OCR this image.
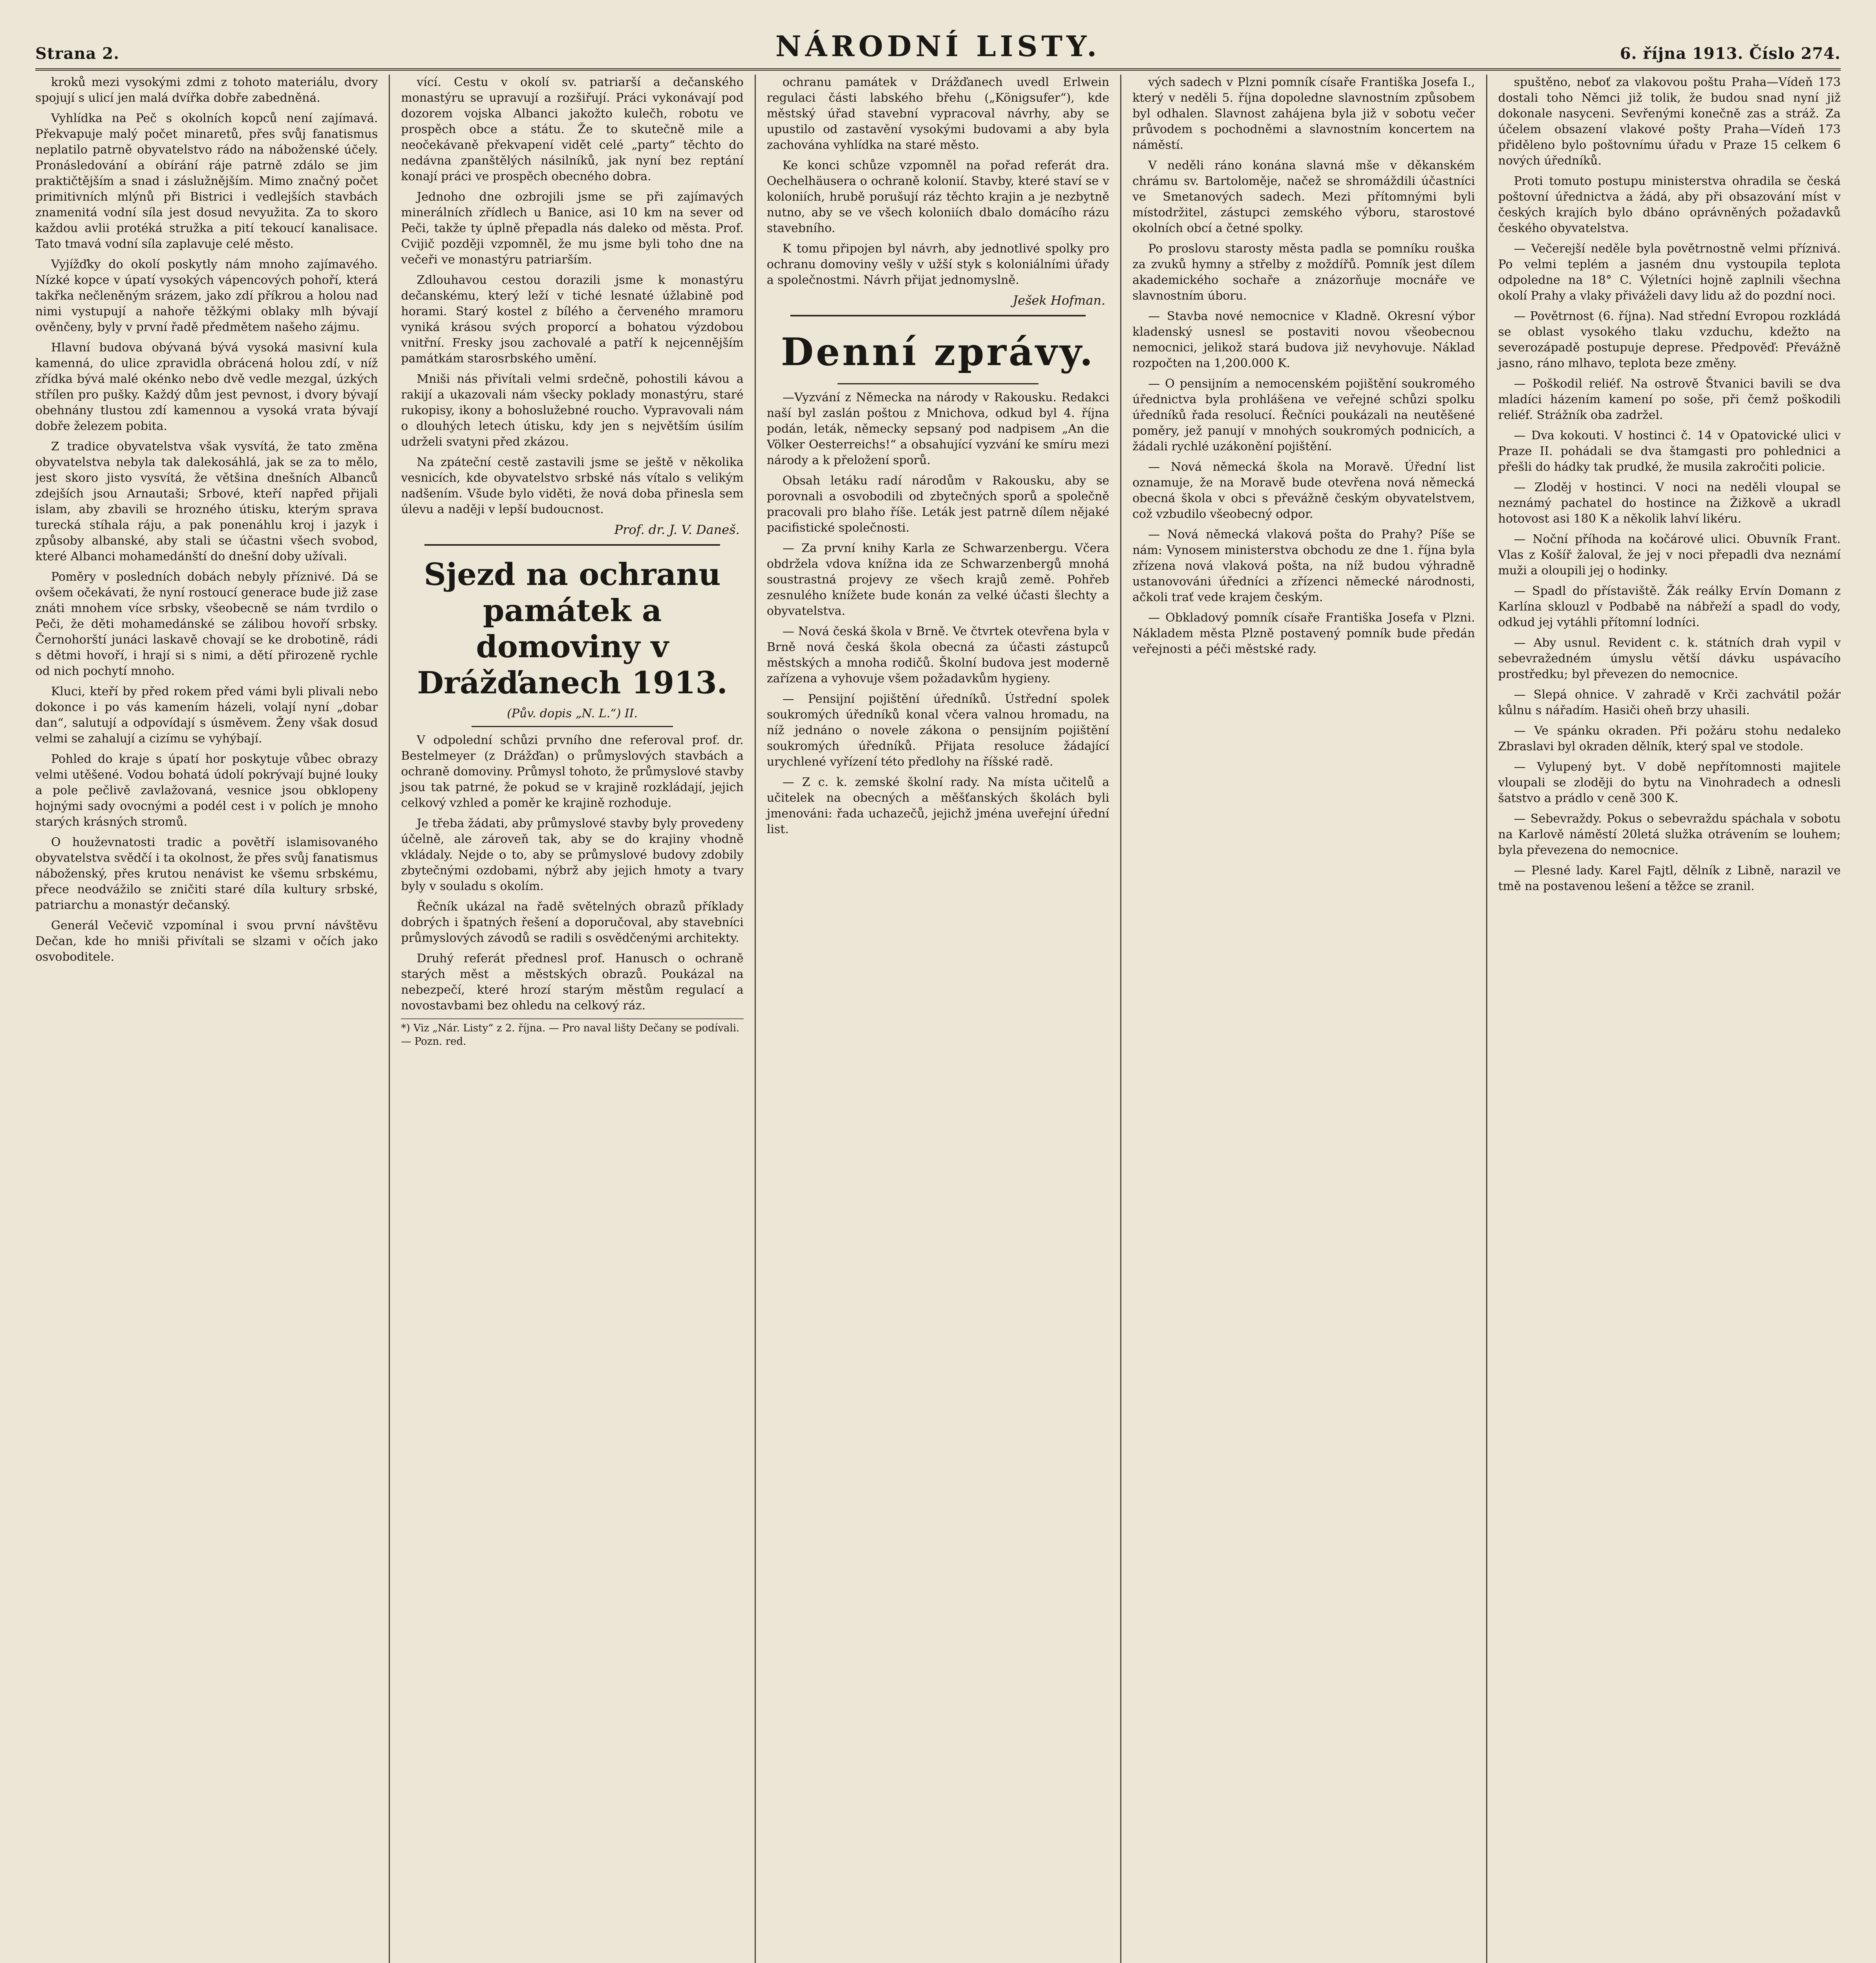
Strana 2.	NÁRODNÍ LISTY.	6. října 1913. Číslo 274.

kroků mezi vysokými zdmi z tohoto materiálu, dvory spojují s ulicí jen malá dvířka dobře zabedněná.

Vyhlídka na Peč s okolních kopců není zajímavá. Překvapuje malý počet minaretů, přes svůj fanatismus neplatilo patrně obyvatelstvo rádo na náboženské účely. Pronásledování a obírání ráje patrně zdálo se jim praktičtějším a snad i záslužnějším. Mimo značný počet primitivních mlýnů při Bistrici i vedlejších stavbách znamenitá vodní síla jest dosud nevyužita. Za to skoro každou avlii protéká stružka a pití tekoucí kanalisace. Tato tmavá vodní síla zaplavuje celé město.

Vyjížďky do okolí poskytly nám mnoho zajímavého. Nízké kopce v úpatí vysokých vápencových pohoří, která takřka nečleněným srázem, jako zdí příkrou a holou nad nimi vystupují a nahoře těžkými oblaky mlh bývají ověnčeny, byly v první řadě předmětem našeho zájmu.

Hlavní budova obývaná bývá vysoká masivní kula kamenná, do ulice zpravidla obrácená holou zdí, v níž zřídka bývá malé okénko nebo dvě vedle mezgal, úzkých střílen pro pušky. Každý dům jest pevnost, i dvory bývají obehnány tlustou zdí kamennou a vysoká vrata bývají dobře železem pobita.

Z tradice obyvatelstva však vysvítá, že tato změna obyvatelstva nebyla tak dalekosáhlá, jak se za to mělo, jest skoro jisto vysvítá, že většina dnešních Albanců zdejších jsou Arnautaši; Srbové, kteří napřed přijali islam, aby zbavili se hrozného útisku, kterým sprava turecká stíhala ráju, a pak ponenáhlu kroj i jazyk i způsoby albanské, aby stali se účastni všech svobod, které Albanci mohamedánští do dnešní doby užívali.

Poměry v posledních dobách nebyly příznivé. Dá se ovšem očekávati, že nyní rostoucí generace bude již zase znáti mnohem více srbsky, všeobecně se nám tvrdilo o Peči, že děti mohamedánské se zálibou hovoří srbsky. Černohorští junáci laskavě chovají se ke drobotině, rádi s dětmi hovoří, i hrají si s nimi, a dětí přirozeně rychle od nich pochytí mnoho.

Kluci, kteří by před rokem před vámi byli plivali nebo dokonce i po vás kamením házeli, volají nyní „dobar dan“, salutují a odpovídají s úsměvem. Ženy však dosud velmi se zahalují a cizímu se vyhýbají.

Pohled do kraje s úpatí hor poskytuje vůbec obrazy velmi utěšené. Vodou bohatá údolí pokrývají bujné louky a pole pečlivě zavlažovaná, vesnice jsou obklopeny hojnými sady ovocnými a podél cest i v polích je mnoho starých krásných stromů.

O houževnatosti tradic a povětří islamisovaného obyvatelstva svědčí i ta okolnost, že přes svůj fanatismus náboženský, přes krutou nenávist ke všemu srbskému, přece neodvážilo se zničiti staré díla kultury srbské, patriarchu a monastýr dečanský.

Generál Večevič vzpomínal i svou první návštěvu Dečan, kde ho mniši přivítali se slzami v očích jako osvoboditele.

vící. Cestu v okolí sv. patriarší a dečanského monastýru se upravují a rozšiřují. Práci vykonávají pod dozorem vojska Albanci jakožto kulečh, robotu ve prospěch obce a státu. Že to skutečně mile a neočekávaně překvapení vidět celé „party“ těchto do nedávna zpanštělých násilníků, jak nyní bez reptání konají práci ve prospěch obecného dobra.

Jednoho dne ozbrojili jsme se při zajímavých minerálních zřídlech u Banice, asi 10 km na sever od Peči, takže ty úplně přepadla nás daleko od města. Prof. Cvijič později vzpomněl, že mu jsme byli toho dne na večeři ve monastýru patriarším.

Zdlouhavou cestou dorazili jsme k monastýru dečanskému, který leží v tiché lesnaté úžlabině pod horami. Starý kostel z bílého a červeného mramoru vyniká krásou svých proporcí a bohatou výzdobou vnitřní. Fresky jsou zachovalé a patří k nejcennějším památkám starosrbského umění.

Mniši nás přivítali velmi srdečně, pohostili kávou a rakijí a ukazovali nám všecky poklady monastýru, staré rukopisy, ikony a bohoslužebné roucho. Vypravovali nám o dlouhých letech útisku, kdy jen s největším úsilím udrželi svatyni před zkázou.

Na zpáteční cestě zastavili jsme se ještě v několika vesnicích, kde obyvatelstvo srbské nás vítalo s velikým nadšením. Všude bylo viděti, že nová doba přinesla sem úlevu a naději v lepší budoucnost.

Prof. dr. J. V. Daneš.
Sjezd na ochranu památek a domoviny v Drážďanech 1913.
(Pův. dopis „N. L.“) II.

V odpolední schůzi prvního dne referoval prof. dr. Bestelmeyer (z Drážďan) o průmyslových stavbách a ochraně domoviny. Průmysl tohoto, že průmyslové stavby jsou tak patrné, že pokud se v krajině rozkládají, jejich celkový vzhled a poměr ke krajině rozhoduje.

Je třeba žádati, aby průmyslové stavby byly provedeny účelně, ale zároveň tak, aby se do krajiny vhodně vkládaly. Nejde o to, aby se průmyslové budovy zdobily zbytečnými ozdobami, nýbrž aby jejich hmoty a tvary byly v souladu s okolím.

Řečník ukázal na řadě světelných obrazů příklady dobrých i špatných řešení a doporučoval, aby stavebníci průmyslových závodů se radili s osvědčenými architekty.

Druhý referát přednesl prof. Hanusch o ochraně starých měst a městských obrazů. Poukázal na nebezpečí, které hrozí starým městům regulací a novostavbami bez ohledu na celkový ráz.

*) Viz „Nár. Listy“ z 2. října. — Pro naval lišty Dečany se podívali. — Pozn. red.

ochranu památek v Drážďanech uvedl Erlwein regulaci části labského břehu („Königsufer“), kde městský úřad stavební vypracoval návrhy, aby se upustilo od zastavění vysokými budovami a aby byla zachována vyhlídka na staré město.

Ke konci schůze vzpomněl na pořad referát dra. Oechelhäusera o ochraně kolonií. Stavby, které staví se v koloniích, hrubě porušují ráz těchto krajin a je nezbytně nutno, aby se ve všech koloniích dbalo domácího rázu stavebního.

K tomu připojen byl návrh, aby jednotlivé spolky pro ochranu domoviny vešly v užší styk s koloniálními úřady a společnostmi. Návrh přijat jednomyslně.

Ješek Hofman.
Denní zprávy.

—Vyzvání z Německa na národy v Rakousku. Redakci naší byl zaslán poštou z Mnichova, odkud byl 4. října podán, leták, německy sepsaný pod nadpisem „An die Völker Oesterreichs!“ a obsahující vyzvání ke smíru mezi národy a k přeložení sporů.

Obsah letáku radí národům v Rakousku, aby se porovnali a osvobodili od zbytečných sporů a společně pracovali pro blaho říše. Leták jest patrně dílem nějaké pacifistické společnosti.

— Za první knihy Karla ze Schwarzenbergu. Včera obdržela vdova knížna ida ze Schwarzenbergů mnohá soustrastná projevy ze všech krajů země. Pohřeb zesnulého knížete bude konán za velké účasti šlechty a obyvatelstva.

— Nová česká škola v Brně. Ve čtvrtek otevřena byla v Brně nová česká škola obecná za účasti zástupců městských a mnoha rodičů. Školní budova jest moderně zařízena a vyhovuje všem požadavkům hygieny.

— Pensijní pojištění úředníků. Ústřední spolek soukromých úředníků konal včera valnou hromadu, na níž jednáno o novele zákona o pensijním pojištění soukromých úředníků. Přijata resoluce žádající urychlené vyřízení této předlohy na říšské radě.

— Z c. k. zemské školní rady. Na místa učitelů a učitelek na obecných a měšťanských školách byli jmenováni: řada uchazečů, jejichž jména uveřejní úřední list.

vých sadech v Plzni pomník císaře Františka Josefa I., který v neděli 5. října dopoledne slavnostním způsobem byl odhalen. Slavnost zahájena byla již v sobotu večer průvodem s pochodněmi a slavnostním koncertem na náměstí.

V neděli ráno konána slavná mše v děkanském chrámu sv. Bartoloměje, načež se shromáždili účastníci ve Smetanových sadech. Mezi přítomnými byli místodržitel, zástupci zemského výboru, starostové okolních obcí a četné spolky.

Po proslovu starosty města padla se pomníku rouška za zvuků hymny a střelby z moždířů. Pomník jest dílem akademického sochaře a znázorňuje mocnáře ve slavnostním úboru.

— Stavba nové nemocnice v Kladně. Okresní výbor kladenský usnesl se postaviti novou všeobecnou nemocnici, jelikož stará budova již nevyhovuje. Náklad rozpočten na 1,200.000 K.

— O pensijním a nemocenském pojištění soukromého úřednictva byla prohlášena ve veřejné schůzi spolku úředníků řada resolucí. Řečníci poukázali na neutěšené poměry, jež panují v mnohých soukromých podnicích, a žádali rychlé uzákonění pojištění.

— Nová německá škola na Moravě. Úřední list oznamuje, že na Moravě bude otevřena nová německá obecná škola v obci s převážně českým obyvatelstvem, což vzbudilo všeobecný odpor.

— Nová německá vlaková pošta do Prahy? Píše se nám: Vynosem ministerstva obchodu ze dne 1. října byla zřízena nová vlaková pošta, na níž budou výhradně ustanovováni úředníci a zřízenci německé národnosti, ačkoli trať vede krajem českým.

— Obkladový pomník císaře Františka Josefa v Plzni. Nákladem města Plzně postavený pomník bude předán veřejnosti a péči městské rady.

spuštěno, neboť za vlakovou poštu Praha—Vídeň 173 dostali toho Němci již tolik, že budou snad nyní již dokonale nasyceni. Sevřenými konečně zas a stráž. Za účelem obsazení vlakové pošty Praha—Vídeň 173 přiděleno bylo poštovnímu úřadu v Praze 15 celkem 6 nových úředníků.

Proti tomuto postupu ministerstva ohradila se česká poštovní úřednictva a žádá, aby při obsazování míst v českých krajích bylo dbáno oprávněných požadavků českého obyvatelstva.

— Večerejší neděle byla povětrnostně velmi příznivá. Po velmi teplém a jasném dnu vystoupila teplota odpoledne na 18° C. Výletníci hojně zaplnili všechna okolí Prahy a vlaky přiváželi davy lidu až do pozdní noci.

— Povětrnost (6. října). Nad střední Evropou rozkládá se oblast vysokého tlaku vzduchu, kdežto na severozápadě postupuje deprese. Předpověď: Převážně jasno, ráno mlhavo, teplota beze změny.

— Poškodil reliéf. Na ostrově Štvanici bavili se dva mladíci házením kamení po soše, při čemž poškodili reliéf. Strážník oba zadržel.

— Dva kokouti. V hostinci č. 14 v Opatovické ulici v Praze II. pohádali se dva štamgasti pro pohlednici a přešli do hádky tak prudké, že musila zakročiti policie.

— Zloděj v hostinci. V noci na neděli vloupal se neznámý pachatel do hostince na Žižkově a ukradl hotovost asi 180 K a několik lahví likéru.

— Noční příhoda na kočárové ulici. Obuvník Frant. Vlas z Košíř žaloval, že jej v noci přepadli dva neznámí muži a oloupili jej o hodinky.

— Spadl do přístaviště. Žák reálky Ervín Domann z Karlína sklouzl v Podbabě na nábřeží a spadl do vody, odkud jej vytáhli přítomní lodníci.

— Aby usnul. Revident c. k. státních drah vypil v sebevražedném úmyslu větší dávku uspávacího prostředku; byl převezen do nemocnice.

— Slepá ohnice. V zahradě v Krči zachvátil požár kůlnu s nářadím. Hasiči oheň brzy uhasili.

— Ve spánku okraden. Při požáru stohu nedaleko Zbraslavi byl okraden dělník, který spal ve stodole.

— Vylupený byt. V době nepřítomnosti majitele vloupali se zloději do bytu na Vinohradech a odnesli šatstvo a prádlo v ceně 300 K.

— Sebevraždy. Pokus o sebevraždu spáchala v sobotu na Karlově náměstí 20letá služka otrávením se louhem; byla převezena do nemocnice.

— Plesné lady. Karel Fajtl, dělník z Libně, narazil ve tmě na postavenou lešení a těžce se zranil.
